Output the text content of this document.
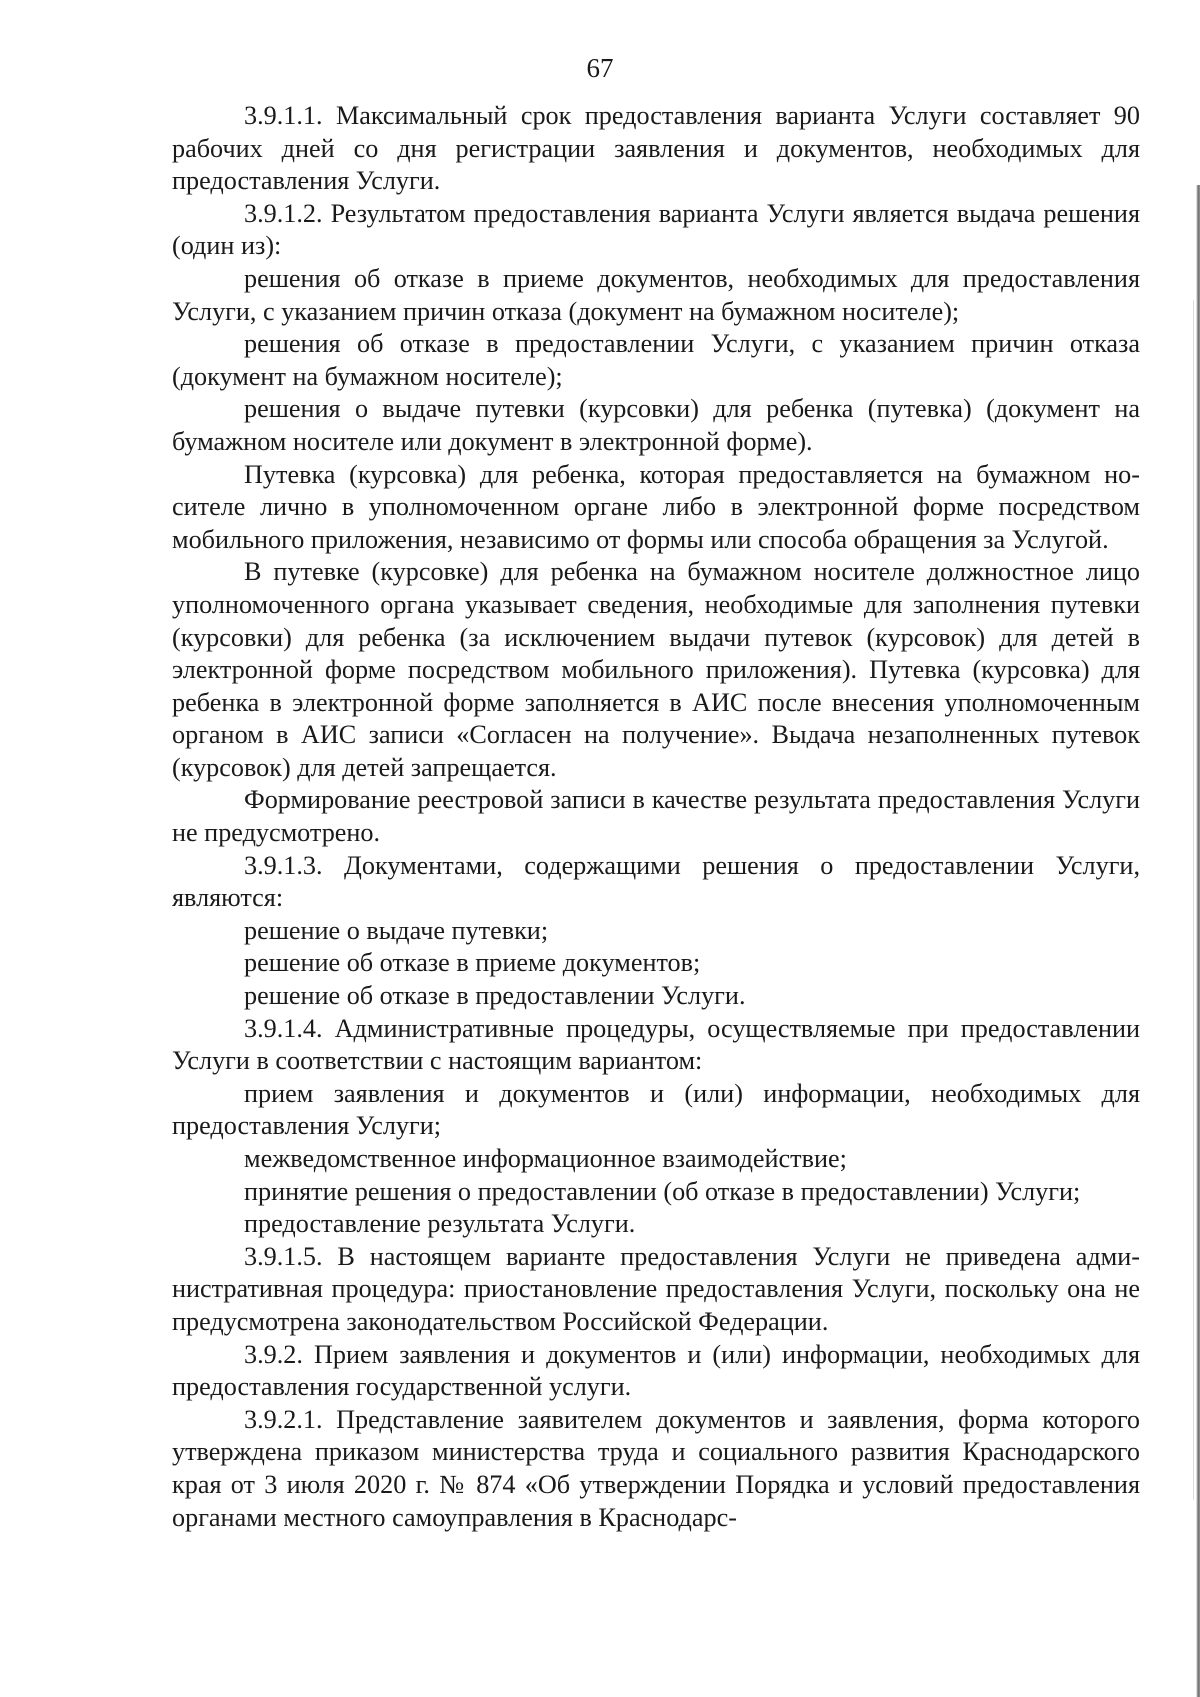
67

3.9.1.1. Максимальный срок предоставления варианта Услуги составляет 90 рабочих дней со дня регистрации заявления и документов, необходимых для предоставления Услуги.

3.9.1.2. Результатом предоставления варианта Услуги является выдача решения (один из):

решения об отказе в приеме документов, необходимых для предоставления Услуги, с указанием причин отказа (документ на бумажном носителе);

решения об отказе в предоставлении Услуги, с указанием причин отказа (документ на бумажном носителе);

решения о выдаче путевки (курсовки) для ребенка (путевка) (документ на бумажном носителе или документ в электронной форме).

Путевка (курсовка) для ребенка, которая предоставляется на бумажном носителе лично в уполномоченном органе либо в электронной форме посредством мобильного приложения, независимо от формы или способа обращения за Услугой.

В путевке (курсовке) для ребенка на бумажном носителе должностное лицо уполномоченного органа указывает сведения, необходимые для заполнения путевки (курсовки) для ребенка (за исключением выдачи путевок (курсовок) для детей в электронной форме посредством мобильного приложения). Путевка (курсовка) для ребенка в электронной форме заполняется в АИС после внесения уполномоченным органом в АИС записи «Согласен на получение». Выдача незаполненных путевок (курсовок) для детей запрещается.

Формирование реестровой записи в качестве результата предоставления Услуги не предусмотрено.

3.9.1.3. Документами, содержащими решения о предоставлении Услуги, являются:

решение о выдаче путевки;

решение об отказе в приеме документов;

решение об отказе в предоставлении Услуги.

3.9.1.4. Административные процедуры, осуществляемые при предоставлении Услуги в соответствии с настоящим вариантом:

прием заявления и документов и (или) информации, необходимых для предоставления Услуги;

межведомственное информационное взаимодействие;

принятие решения о предоставлении (об отказе в предоставлении) Услуги;

предоставление результата Услуги.

3.9.1.5. В настоящем варианте предоставления Услуги не приведена административная процедура: приостановление предоставления Услуги, поскольку она не предусмотрена законодательством Российской Федерации.

3.9.2. Прием заявления и документов и (или) информации, необходимых для предоставления государственной услуги.

3.9.2.1. Представление заявителем документов и заявления, форма которого утверждена приказом министерства труда и социального развития Краснодарского края от 3 июля 2020 г. № 874 «Об утверждении Порядка и условий предоставления органами местного самоуправления в Краснодарс-
